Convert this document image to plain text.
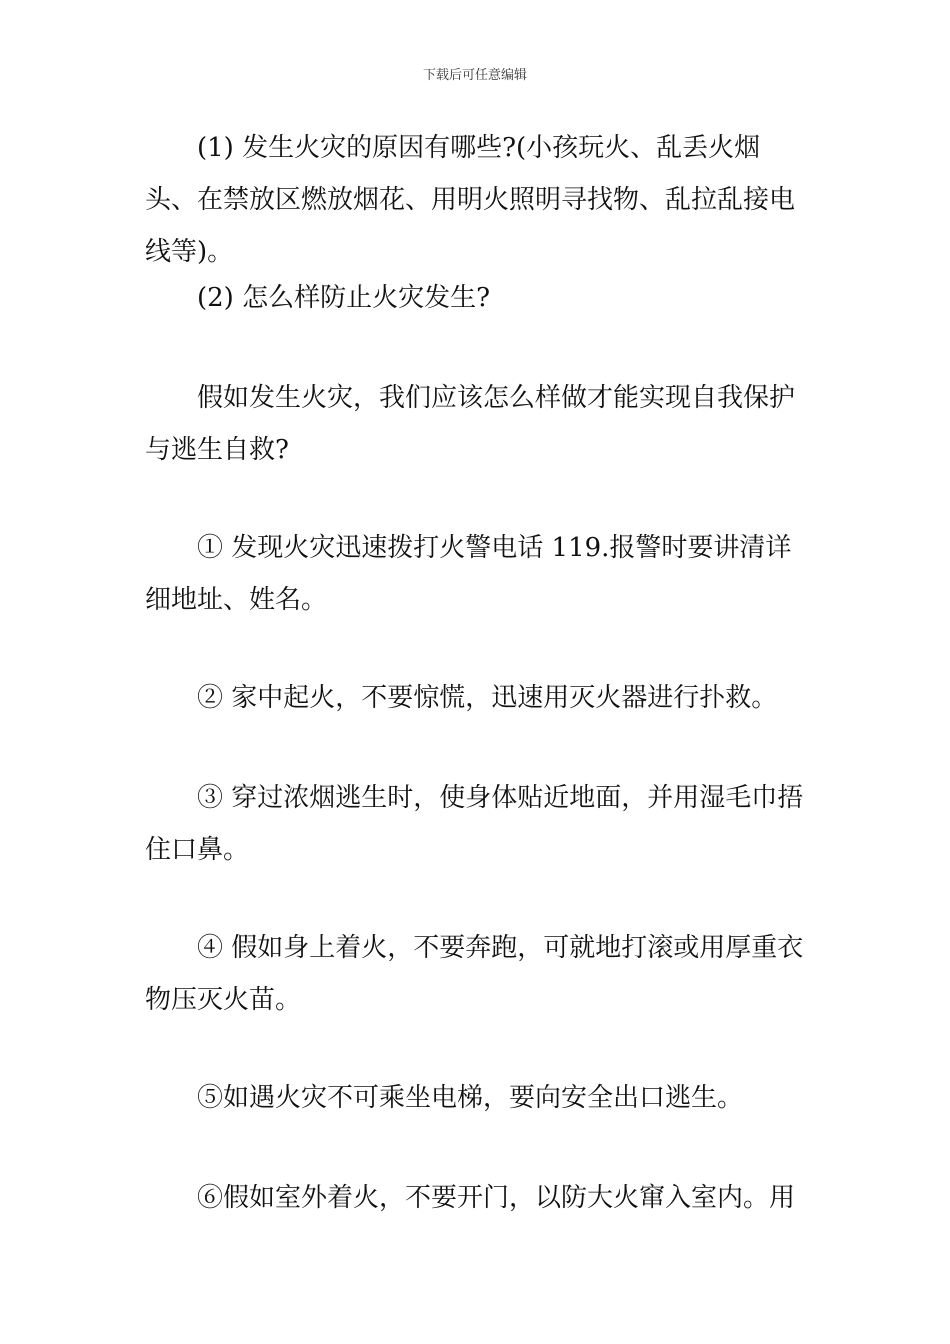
下载后可任意编辑

(1) 发生火灾的原因有哪些?(小孩玩火、乱丢火烟头、在禁放区燃放烟花、用明火照明寻找物、乱拉乱接电线等)。

(2) 怎么样防止火灾发生?

假如发生火灾，我们应该怎么样做才能实现自我保护与逃生自救?

① 发现火灾迅速拨打火警电话 119.报警时要讲清详细地址、姓名。

② 家中起火，不要惊慌，迅速用灭火器进行扑救。

③ 穿过浓烟逃生时，使身体贴近地面，并用湿毛巾捂住口鼻。

④ 假如身上着火，不要奔跑，可就地打滚或用厚重衣物压灭火苗。

⑤如遇火灾不可乘坐电梯，要向安全出口逃生。

⑥假如室外着火，不要开门，以防大火窜入室内。用
